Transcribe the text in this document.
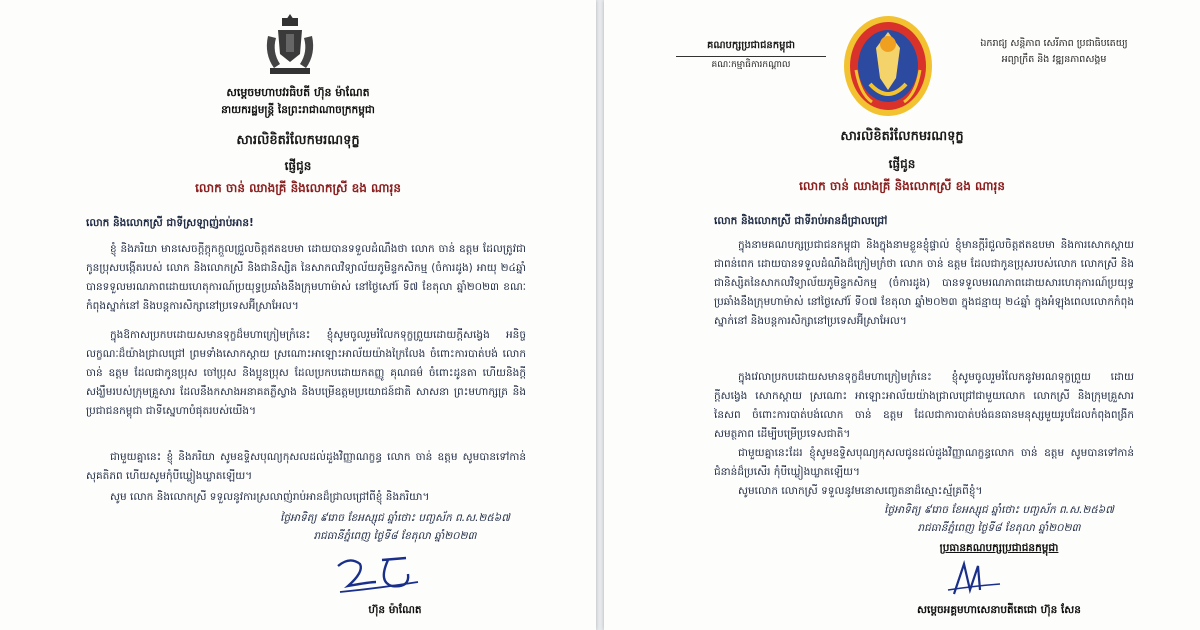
សម្ដេចមហាបវរធិបតី ហ៊ុន ម៉ាណែត
នាយករដ្ឋមន្ត្រី នៃព្រះរាជាណាចក្រកម្ពុជា
សារលិខិតរំលែកមរណទុក្ខ
ផ្ញើជូន
លោក ចាន់ ឈាងគ្រី និងលោកស្រី ឧង ណារុន
លោក និងលោកស្រី ជាទីស្រឡាញ់រាប់អាន!
ខ្ញុំ និងភរិយា មានសេចក្ដីក្ដុកក្ដួលជ្រួលចិត្តឥតឧបមា ដោយបានទទួលដំណឹងថា លោក ចាន់ ឧត្ដម ដែលត្រូវជាកូនប្រុសបង្កើតរបស់ លោក និងលោកស្រី និងជានិស្សិត នៃសាកលវិទ្យាល័យភូមិន្ទកសិកម្ម (ចំការដូង) អាយុ ២៤ឆ្នាំ បានទទួលមរណភាពដោយហេតុការណ៍ប្រយុទ្ធ​ប្រឆាំងនឹងក្រុមហាម៉ាស់ នៅថ្ងៃសៅរ៍ ទី៧ ខែតុលា ឆ្នាំ២០២៣ ខណៈកំពុងស្នាក់នៅ និងបន្តការសិក្សានៅប្រទេសអ៊ីស្រាអែល។
ក្នុងឱកាសប្រកបដោយសមានទុក្ខដ៏មហាក្រៀមក្រំនេះ ខ្ញុំសូមចូលរួមរំលែកទុក្ខព្រួយដោយក្ដីសង្វេង អនិច្ចលក្ខណៈដ៏យ៉ាងជ្រាលជ្រៅ ព្រមទាំងសោកស្ដាយ ស្រណោះអាឡោះអាល័យយ៉ាងក្រៃលែង ចំពោះការបាត់បង់ លោក ចាន់ ឧត្ដម ដែលជាកូនប្រុស ចៅប្រុស និងប្អូនប្រុស ដែលប្រកបដោយកតញ្ញូ គុណធម៌ ចំពោះដូនតា ហើយនិងក្ដីសង្ឃឹមរបស់ក្រុមគ្រួសារ ដែលនឹងកសាងអនាគតភ្លឺស្វាង និងបម្រើឧត្ដមប្រយោជន៍ជាតិ សាសនា ព្រះមហាក្សត្រ និងប្រជាជនកម្ពុជា ជាទីស្នេហាបំផុតរបស់យើង។
ជាមួយគ្នានេះ ខ្ញុំ និងភរិយា សូមឧទ្ទិសបុណ្យកុសលដល់ដួងវិញ្ញាណក្ខន្ធ លោក ចាន់ ឧត្ដម សូមបានទៅកាន់សុគតិភព ហើយសូមកុំបីឃ្លៀងឃ្លាតឡើយ។
សូម លោក និងលោកស្រី ទទួលនូវការស្រលាញ់រាប់អានដ៏ជ្រាលជ្រៅពីខ្ញុំ និងភរិយា។
ថ្ងៃអាទិត្យ ៩រោច ខែអស្សុជ ឆ្នាំថោះ បញ្ចស័ក ព.ស.២៥៦៧
រាជធានីភ្នំពេញ ថ្ងៃទី៨ ខែតុលា ឆ្នាំ២០២៣
ហ៊ុន ម៉ាណែត
គណបក្សប្រជាជនកម្ពុជា
គណៈកម្មាធិការកណ្ដាល
ឯករាជ្យ សន្តិភាព សេរីភាព ប្រជាធិបតេយ្យ
អព្យាក្រឹត និង វឌ្ឍនភាពសង្គម
សារលិខិតរំលែកមរណទុក្ខ
ផ្ញើជូន
លោក ចាន់ ឈាងគ្រី និងលោកស្រី ឧង ណារុន
លោក និងលោកស្រី ជាទីរាប់អានដ៏ជ្រាលជ្រៅ
ក្នុងនាមគណបក្សប្រជាជនកម្ពុជា និងក្នុងនាមខ្លួនខ្ញុំផ្ទាល់ ខ្ញុំមានក្ដីរំជួលចិត្តឥតឧបមា និងការសោកស្ដាយជាពន់ពេក ដោយបានទទួលដំណឹងដ៏ក្រៀមក្រំថា លោក ចាន់ ឧត្ដម ដែលជាកូនប្រុសរបស់លោក លោកស្រី និងជានិស្សិតនៃសាកលវិទ្យាល័យភូមិន្ទកសិកម្ម (ចំការដូង) បានទទួលមរណភាពដោយសារហេតុការណ៍ប្រយុទ្ធប្រឆាំងនឹងក្រុមហាម៉ាស់ នៅថ្ងៃសៅរ៍ ទី០៧ ខែតុលា ឆ្នាំ២០២៣ ក្នុងជន្មាយុ ២៤ឆ្នាំ ក្នុងអំឡុងពេលលោកកំពុងស្នាក់នៅ និងបន្តការសិក្សានៅប្រទេសអ៊ីស្រាអែល។
ក្នុងវេលាប្រកបដោយសមានទុក្ខដ៏មហាក្រៀមក្រំនេះ ខ្ញុំសូមចូលរួមរំលែកនូវមរណទុក្ខព្រួយ ដោយក្ដីសង្វេង សោកស្ដាយ ស្រណោះ អាឡោះអាល័យយ៉ាងជ្រាលជ្រៅជាមួយលោក លោកស្រី និងក្រុមគ្រួសារនៃសព ចំពោះការបាត់បង់លោក ចាន់ ឧត្ដម ដែលជាការបាត់បង់ធនធានមនុស្សមួយរូបដែលកំពុងពង្រីកសមត្ថភាព ដើម្បីបម្រើប្រទេសជាតិ។
ជាមួយគ្នានេះដែរ ខ្ញុំសូមឧទ្ទិសបុណ្យកុសលជូនដល់ដួងវិញ្ញាណក្ខន្ធលោក ចាន់ ឧត្ដម សូមបានទៅកាន់ជំនាន់ដ៏ប្រសើរ កុំបីឃ្លៀងឃ្លាតឡើយ។
សូមលោក លោកស្រី ទទួលនូវមនោសញ្ចេតនាដ៏ស្មោះស្ម័គ្រពីខ្ញុំ។
ថ្ងៃអាទិត្យ ៩រោច ខែអស្សុជ ឆ្នាំថោះ បញ្ចស័ក ព.ស.២៥៦៧
រាជធានីភ្នំពេញ ថ្ងៃទី៨ ខែតុលា ឆ្នាំ២០២៣
ប្រធានគណបក្សប្រជាជនកម្ពុជា
សម្ដេចអគ្គមហាសេនាបតីតេជោ ហ៊ុន សែន
